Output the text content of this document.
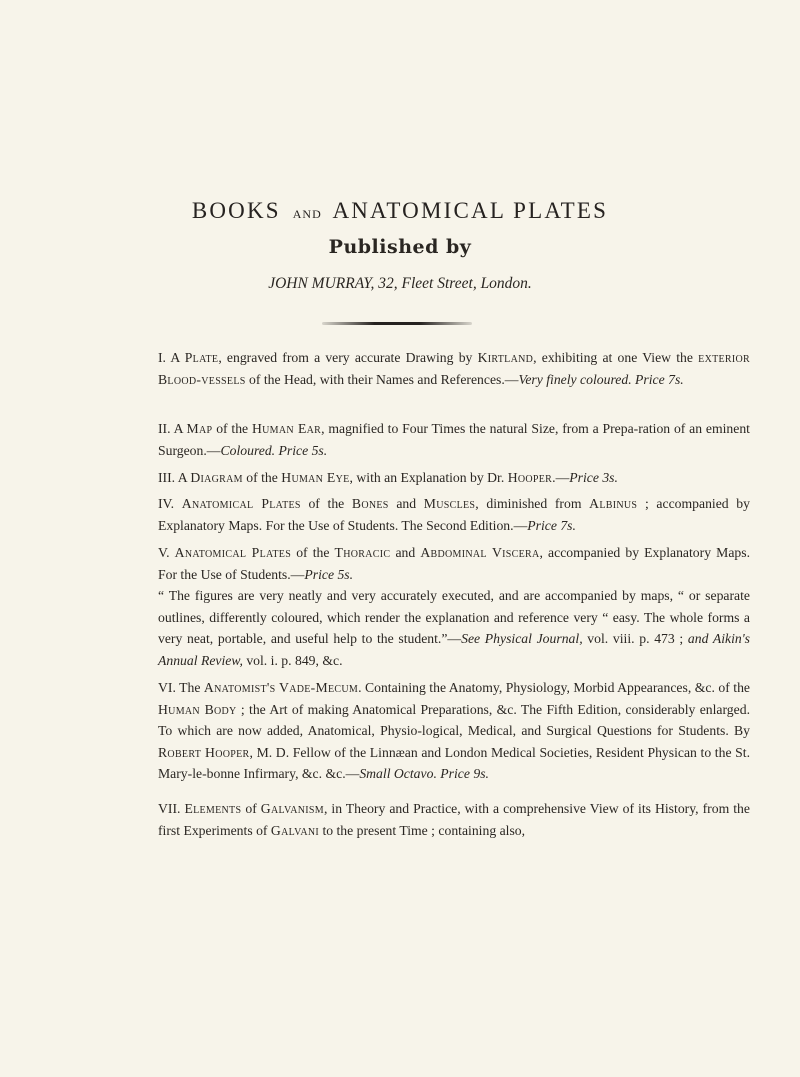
BOOKS AND ANATOMICAL PLATES
Published by
JOHN MURRAY, 32, Fleet Street, London.

I. A Plate, engraved from a very accurate Drawing by Kirtland, exhibiting at one View the exterior Blood-vessels of the Head, with their Names and References.—Very finely coloured. Price 7s.

II. A Map of the Human Ear, magnified to Four Times the natural Size, from a Prepa-ration of an eminent Surgeon.—Coloured. Price 5s.

III. A Diagram of the Human Eye, with an Explanation by Dr. Hooper.—Price 3s.

IV. Anatomical Plates of the Bones and Muscles, diminished from Albinus ; accompanied by Explanatory Maps. For the Use of Students. The Second Edition.—Price 7s.

V. Anatomical Plates of the Thoracic and Abdominal Viscera, accompanied by Explanatory Maps. For the Use of Students.—Price 5s.

“ The figures are very neatly and very accurately executed, and are accompanied by maps, “ or separate outlines, differently coloured, which render the explanation and reference very “ easy. The whole forms a very neat, portable, and useful help to the student.”—See Physical Journal, vol. viii. p. 473 ; and Aikin's Annual Review, vol. i. p. 849, &c.

VI. The Anatomist's Vade-Mecum. Containing the Anatomy, Physiology, Morbid Appearances, &c. of the Human Body ; the Art of making Anatomical Preparations, &c. The Fifth Edition, considerably enlarged. To which are now added, Anatomical, Physio-logical, Medical, and Surgical Questions for Students. By Robert Hooper, M. D. Fellow of the Linnæan and London Medical Societies, Resident Physican to the St. Mary-le-bonne Infirmary, &c. &c.—Small Octavo. Price 9s.

VII. Elements of Galvanism, in Theory and Practice, with a comprehensive View of its History, from the first Experiments of Galvani to the present Time ; containing also,
